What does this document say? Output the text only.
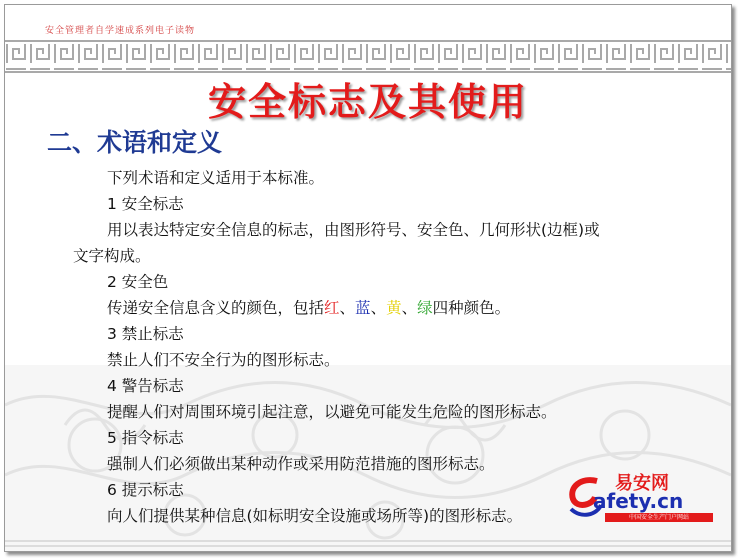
安全管理者自学速成系列电子读物
安全标志及其使用
二、术语和定义
下列术语和定义适用于本标准。
1 安全标志
用以表达特定安全信息的标志，由图形符号、安全色、几何形状(边框)或
文字构成。
2 安全色
传递安全信息含义的颜色，包括红、蓝、黄、绿四种颜色。
3 禁止标志
禁止人们不安全行为的图形标志。
4 警告标志
提醒人们对周围环境引起注意，以避免可能发生危险的图形标志。
5 指令标志
强制人们必须做出某种动作或采用防范措施的图形标志。
6 提示标志
向人们提供某种信息(如标明安全设施或场所等)的图形标志。
易安网
afety.cn
中国安全生产门户网站
